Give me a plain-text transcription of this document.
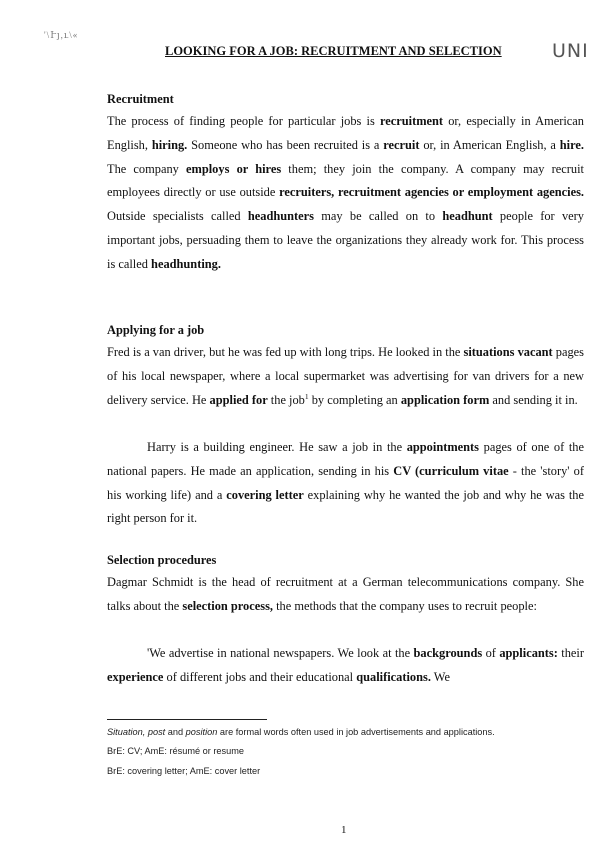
'\Ւյ,ւ\«
UNI
LOOKING FOR A JOB: RECRUITMENT AND SELECTION
Recruitment
The process of finding people for particular jobs is recruitment or, especially in American English, hiring. Someone who has been recruited is a recruit or, in American English, a hire. The company employs or hires them; they join the company. A company may recruit employees directly or use outside recruiters, recruitment agencies or employment agencies. Outside specialists called headhunters may be called on to headhunt people for very important jobs, persuading them to leave the organizations they already work for. This process is called headhunting.
Applying for a job
Fred is a van driver, but he was fed up with long trips. He looked in the situations vacant pages of his local newspaper, where a local supermarket was advertising for van drivers for a new delivery service. He applied for the job$^1$ by completing an application form and sending it in.
Harry is a building engineer. He saw a job in the appointments pages of one of the national papers. He made an application, sending in his CV (curriculum vitae - the 'story' of his working life) and a covering letter explaining why he wanted the job and why he was the right person for it.
Selection procedures
Dagmar Schmidt is the head of recruitment at a German telecommunications company. She talks about the selection process, the methods that the company uses to recruit people:
'We advertise in national newspapers. We look at the backgrounds of applicants: their experience of different jobs and their educational qualifications. We
Situation, post and position are formal words often used in job advertisements and applications.
BrE: CV; AmE: résumé or resume
BrE: covering letter; AmE: cover letter
1
